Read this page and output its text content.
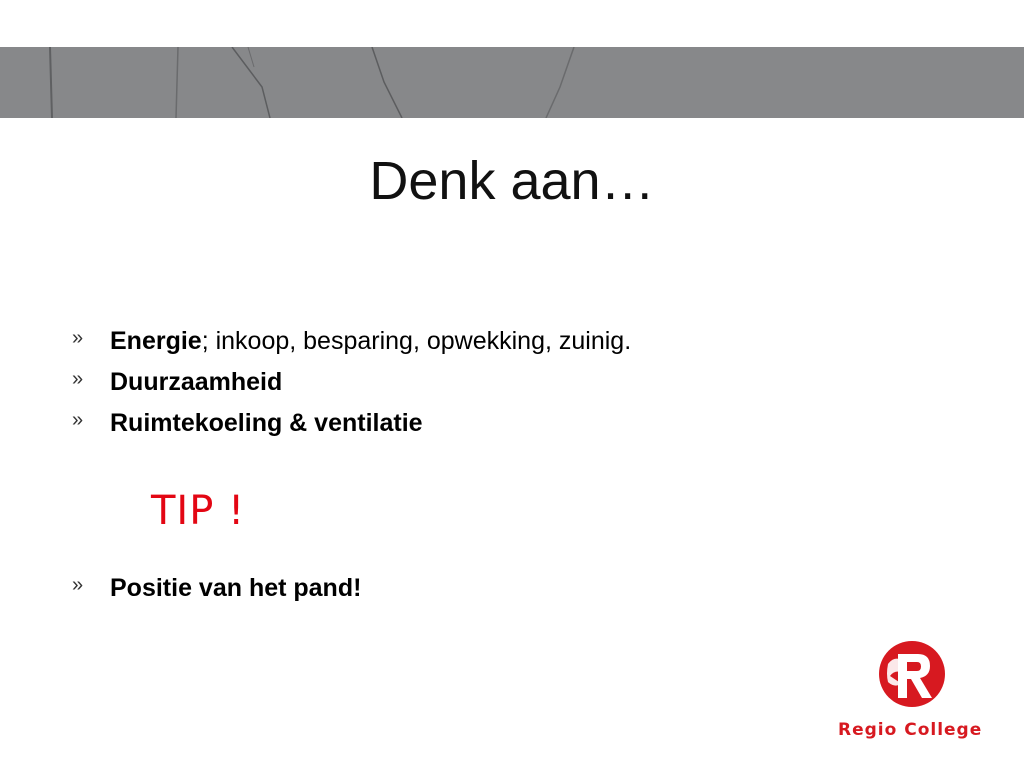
Denk aan…
» Energie; inkoop, besparing, opwekking, zuinig.
» Duurzaamheid
» Ruimtekoeling & ventilatie
» Positie van het pand!
TIP !
Regio College
